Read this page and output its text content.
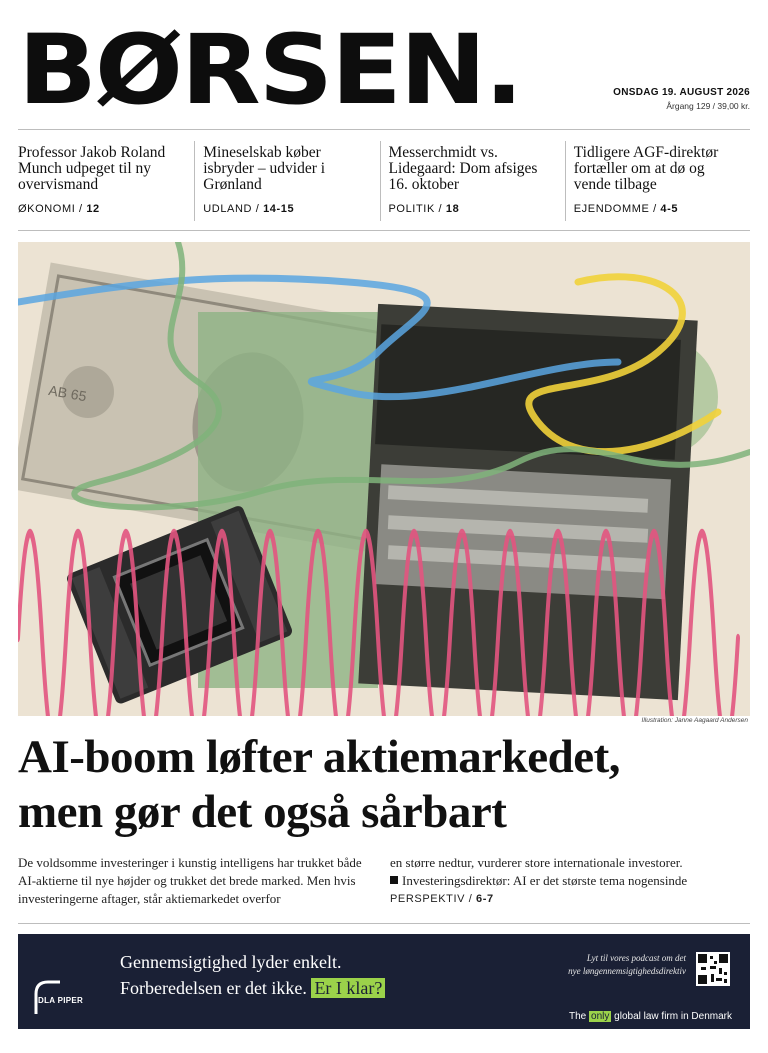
BØRSEN.	ONSDAG 19. AUGUST 2026
Årgang 129 / 39,00 kr.
Professor Jakob Roland Munch udpeget til ny overvismand
ØKONOMI / 12
Mineselskab køber isbryder – udvider i Grønland
UDLAND / 14-15
Messerchmidt vs. Lidegaard: Dom afsiges 16. oktober
POLITIK / 18
Tidligere AGF-direktør fortæller om at dø og vende tilbage
EJENDOMME / 4-5
AB 65
Illustration: Janne Aagaard Andersen
AI-boom løfter aktiemarkedet,
men gør det også sårbart
De voldsomme investeringer i kunstig intelligens har trukket både AI-aktierne til nye højder og trukket det brede marked. Men hvis investeringerne aftager, står aktiemarkedet overfor
en større nedtur, vurderer store internationale investorer.
Investeringsdirektør: AI er det største tema nogensinde
PERSPEKTIV / 6-7
DLA PIPER
Gennemsigtighed lyder enkelt.
Forberedelsen er det ikke. Er I klar?
Lyt til vores podcast om det
nye løngennemsigtighedsdirektiv
The only global law firm in Denmark
